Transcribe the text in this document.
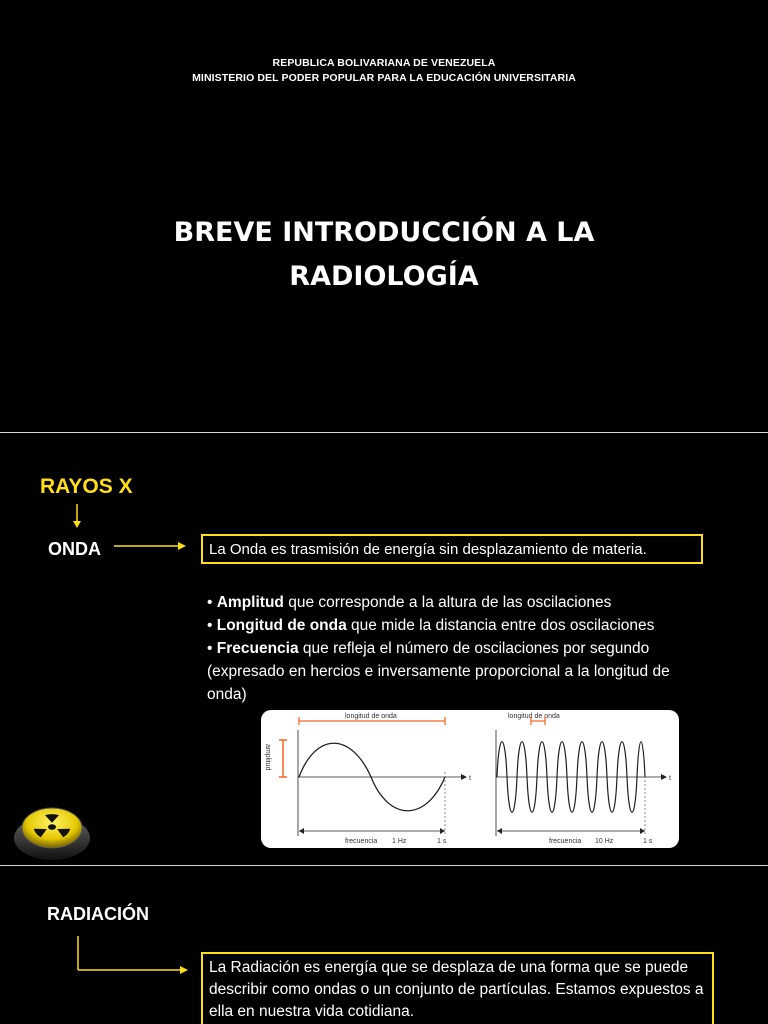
REPUBLICA BOLIVARIANA DE VENEZUELA
MINISTERIO DEL PODER POPULAR PARA LA EDUCACIÓN UNIVERSITARIA
BREVE INTRODUCCIÓN A LA
RADIOLOGÍA
RAYOS X
ONDA	La Onda es trasmisión de energía sin desplazamiento de materia.
• Amplitud que corresponde a la altura de las oscilaciones
• Longitud de onda que mide la distancia entre dos oscilaciones
• Frecuencia que refleja el número de oscilaciones por segundo (expresado en hercios e inversamente proporcional a la longitud de onda)
longitud de onda
t
amplitud
frecuencia 1 Hz	1 s
longitud de onda
t
frecuencia 10 Hz	1 s
RADIACIÓN
La Radiación es energía que se desplaza de una forma que se puede describir como ondas o un conjunto de partículas. Estamos expuestos a ella en nuestra vida cotidiana.
